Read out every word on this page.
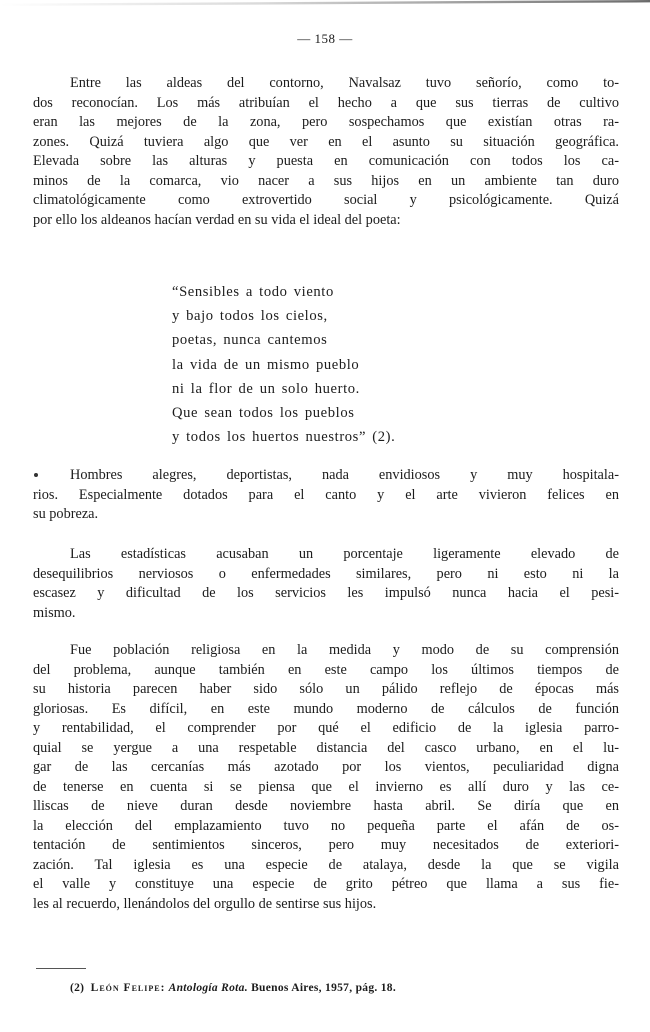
— 158 —
Entre las aldeas del contorno, Navalsaz tuvo señorío, como to-
dos reconocían. Los más atribuían el hecho a que sus tierras de cultivo
eran las mejores de la zona, pero sospechamos que existían otras ra-
zones. Quizá tuviera algo que ver en el asunto su situación geográfica.
Elevada sobre las alturas y puesta en comunicación con todos los ca-
minos de la comarca, vio nacer a sus hijos en un ambiente tan duro
climatológicamente como extrovertido social y psicológicamente. Quizá
por ello los aldeanos hacían verdad en su vida el ideal del poeta:
“Sensibles a todo viento
y bajo todos los cielos,
poetas, nunca cantemos
la vida de un mismo pueblo
ni la flor de un solo huerto.
Que sean todos los pueblos
y todos los huertos nuestros” (2).
Hombres alegres, deportistas, nada envidiosos y muy hospitala-
rios. Especialmente dotados para el canto y el arte vivieron felices en
su pobreza.
Las estadísticas acusaban un porcentaje ligeramente elevado de
desequilibrios nerviosos o enfermedades similares, pero ni esto ni la
escasez y dificultad de los servicios les impulsó nunca hacia el pesi-
mismo.
Fue población religiosa en la medida y modo de su comprensión
del problema, aunque también en este campo los últimos tiempos de
su historia parecen haber sido sólo un pálido reflejo de épocas más
gloriosas. Es difícil, en este mundo moderno de cálculos de función
y rentabilidad, el comprender por qué el edificio de la iglesia parro-
quial se yergue a una respetable distancia del casco urbano, en el lu-
gar de las cercanías más azotado por los vientos, peculiaridad digna
de tenerse en cuenta si se piensa que el invierno es allí duro y las ce-
lliscas de nieve duran desde noviembre hasta abril. Se diría que en
la elección del emplazamiento tuvo no pequeña parte el afán de os-
tentación de sentimientos sinceros, pero muy necesitados de exteriori-
zación. Tal iglesia es una especie de atalaya, desde la que se vigila
el valle y constituye una especie de grito pétreo que llama a sus fie-
les al recuerdo, llenándolos del orgullo de sentirse sus hijos.
(2) León Felipe: Antología Rota. Buenos Aires, 1957, pág. 18.
